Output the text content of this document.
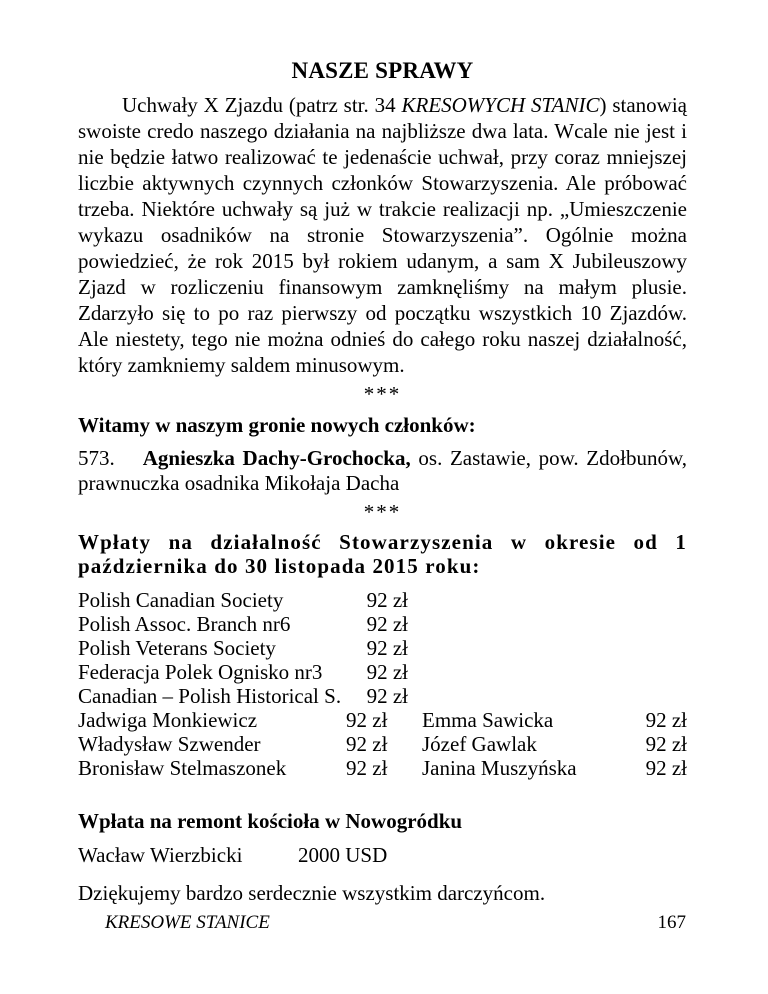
NASZE SPRAWY

Uchwały X Zjazdu (patrz str. 34 KRESOWYCH STANIC) stanowią swoiste credo naszego działania na najbliższe dwa lata. Wcale nie jest i nie będzie łatwo realizować te jedenaście uchwał, przy coraz mniejszej liczbie aktywnych czynnych członków Stowarzyszenia. Ale próbować trzeba. Niektóre uchwały są już w trakcie realizacji np. „Umieszczenie wykazu osadników na stronie Stowarzyszenia”. Ogólnie można powiedzieć, że rok 2015 był rokiem udanym, a sam X Jubileuszowy Zjazd w rozliczeniu finansowym zamknęliśmy na małym plusie. Zdarzyło się to po raz pierwszy od początku wszystkich 10 Zjazdów. Ale niestety, tego nie można odnieś do całego roku naszej działalność, który zamkniemy saldem minusowym.

***
Witamy w naszym gronie nowych członków:

573. Agnieszka Dachy-Grochocka, os. Zastawie, pow. Zdołbunów, prawnuczka osadnika Mikołaja Dacha

***
Wpłaty na działalność Stowarzyszenia w okresie od 1 października do 30 listopada 2015 roku:
Polish Canadian Society	92 zł
Polish Assoc. Branch nr6	92 zł
Polish Veterans Society	92 zł
Federacja Polek Ognisko nr3 92 zł
Canadian – Polish Historical S. 92 zł
Jadwiga Monkiewicz	92 zł Emma Sawicka	92 zł
Władysław Szwender	92 zł Józef Gawlak	92 zł
Bronisław Stelmaszonek	92 zł Janina Muszyńska	92 zł
Wpłata na remont kościoła w Nowogródku
Wacław Wierzbicki	2000 USD
Dziękujemy bardzo serdecznie wszystkim darczyńcom.
KRESOWE STANICE	167
